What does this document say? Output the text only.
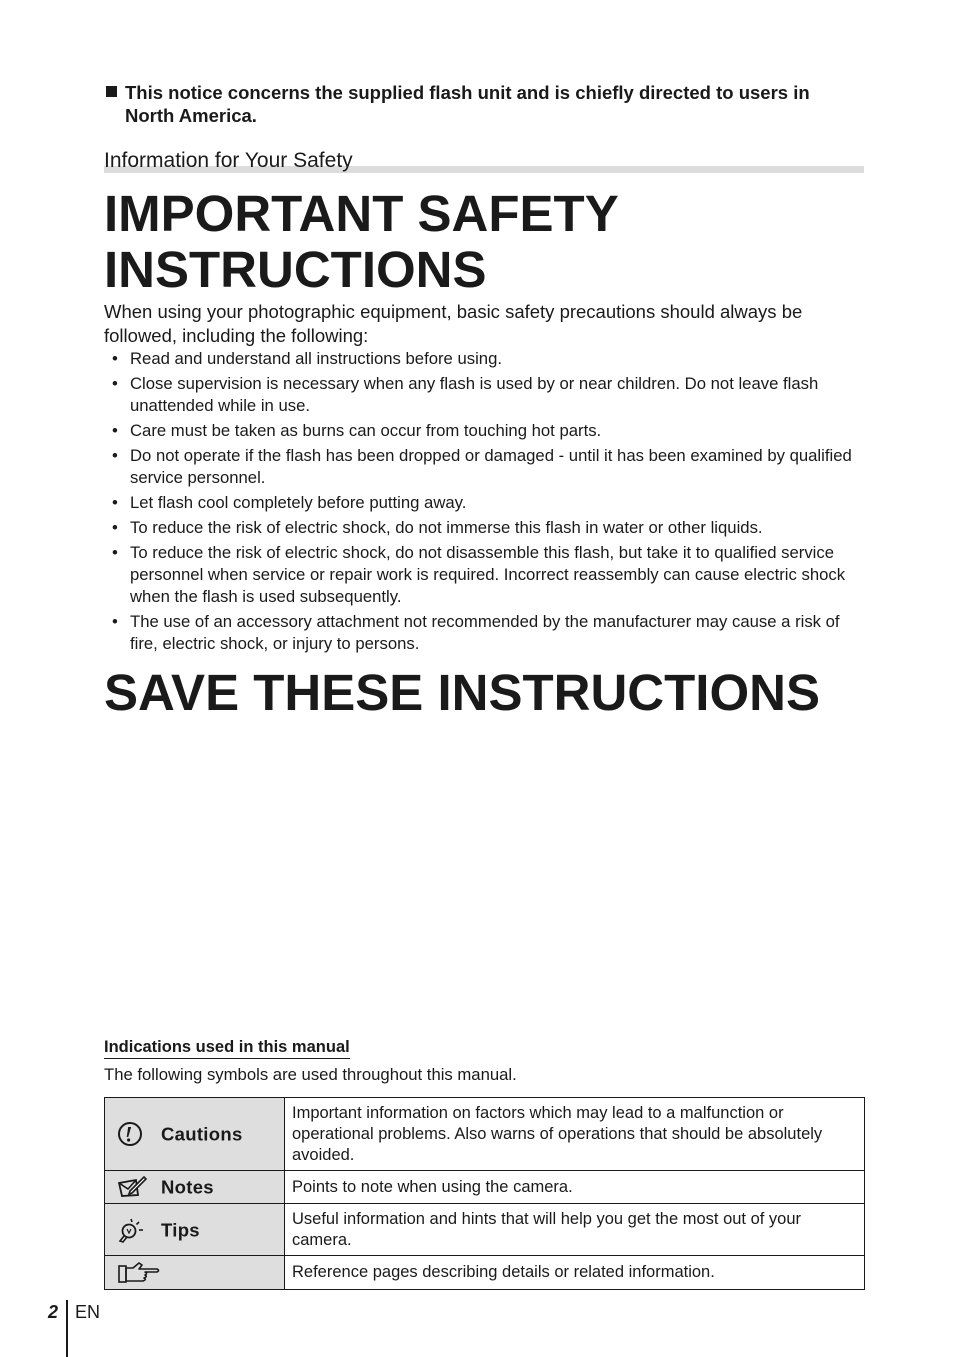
This notice concerns the supplied flash unit and is chiefly directed to users in North America.
Information for Your Safety
IMPORTANT SAFETY INSTRUCTIONS

When using your photographic equipment, basic safety precautions should always be followed, including the following:

• Read and understand all instructions before using.
• Close supervision is necessary when any flash is used by or near children. Do not leave flash unattended while in use.
• Care must be taken as burns can occur from touching hot parts.
• Do not operate if the flash has been dropped or damaged - until it has been examined by qualified service personnel.
• Let flash cool completely before putting away.
• To reduce the risk of electric shock, do not immerse this flash in water or other liquids.
• To reduce the risk of electric shock, do not disassemble this flash, but take it to qualified service personnel when service or repair work is required. Incorrect reassembly can cause electric shock when the flash is used subsequently.
• The use of an accessory attachment not recommended by the manufacturer may cause a risk of fire, electric shock, or injury to persons.
SAVE THESE INSTRUCTIONS
Indications used in this manual
The following symbols are used throughout this manual.
Cautions	Important information on factors which may lead to a malfunction or operational problems. Also warns of operations that should be absolutely avoided.
Notes	Points to note when using the camera.
Tips	Useful information and hints that will help you get the most out of your camera.
	Reference pages describing details or related information.
2 EN
